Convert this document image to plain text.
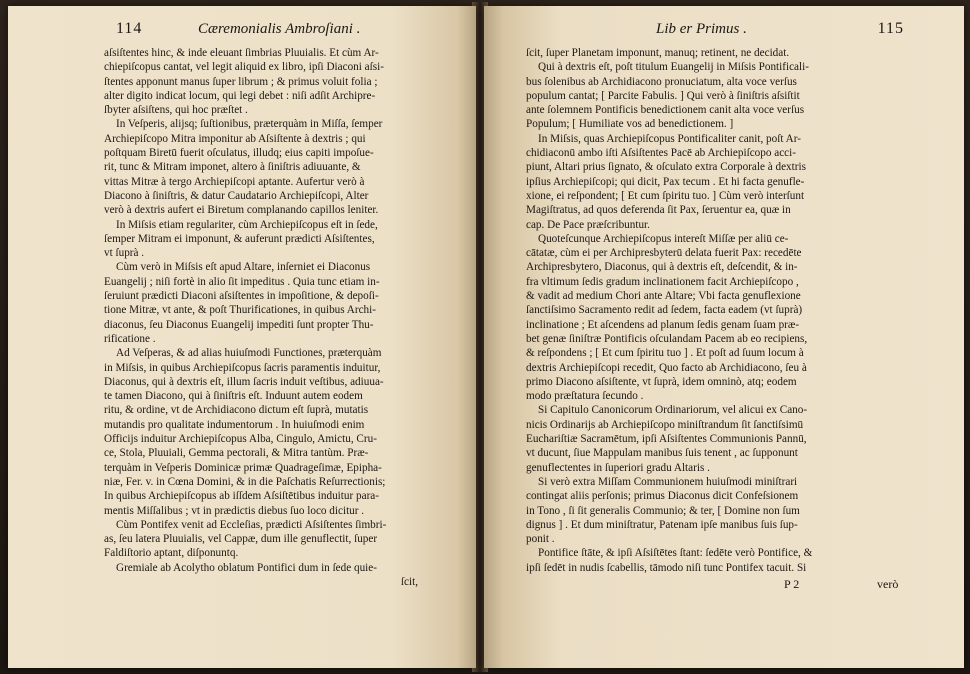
114	Cæremonialis Ambroſiani .
aſsiſtentes hinc, & inde eleuant ſimbrias Pluuialis. Et cùm Ar-
chiepiſcopus cantat, vel legit aliquid ex libro, ipſi Diaconi aſsi-
ſtentes apponunt manus ſuper librum ; & primus voluit folia ;
alter digito indicat locum, qui legi debet : niſi adſit Archipre-
ſbyter aſsiſtens, qui hoc præſtet .
In Veſperis, alijsq; ſuſtionibus, præterquàm in Miſſa, ſemper
Archiepiſcopo Mitra imponitur ab Aſsiſtente à dextris ; qui
poſtquam Biretū fuerit oſculatus, illudq; eius capiti impoſue-
rit, tunc & Mitram imponet, altero à ſiniſtris adiuuante, &
vittas Mitræ à tergo Archiepiſcopi aptante. Aufertur verò à
Diacono à ſiniſtris, & datur Caudatario Archiepiſcopi, Alter
verò à dextris aufert ei Biretum complanando capillos leniter.
In Miſsis etiam regulariter, cùm Archiepiſcopus eſt in ſede,
ſemper Mitram ei imponunt, & auferunt prædicti Aſsiſtentes,
vt ſuprà .
Cùm verò in Miſsis eſt apud Altare, inſerniet ei Diaconus
Euangelij ; niſi fortè in alio ſit impeditus . Quia tunc etiam in-
ſeruiunt prædicti Diaconi aſsiſtentes in impoſitione, & depoſi-
tione Mitræ, vt ante, & poſt Thurificationes, in quibus Archi-
diaconus, ſeu Diaconus Euangelij impediti ſunt propter Thu-
rificatione .
Ad Veſperas, & ad alias huiuſmodi Functiones, præterquàm
in Miſsis, in quibus Archiepiſcopus ſacris paramentis induitur,
Diaconus, qui à dextris eſt, illum ſacris induit veſtibus, adiuua-
te tamen Diacono, qui à ſiniſtris eſt. Induunt autem eodem
ritu, & ordine, vt de Archidiacono dictum eſt ſuprà, mutatis
mutandis pro qualitate indumentorum . In huiuſmodi enim
Officijs induitur Archiepiſcopus Alba, Cingulo, Amictu, Cru-
ce, Stola, Pluuiali, Gemma pectorali, & Mitra tantùm. Præ-
terquàm in Veſperis Dominicæ primæ Quadrageſimæ, Epipha-
niæ, Fer. v. in Cœna Domini, & in die Paſchatis Reſurrectionis;
In quibus Archiepiſcopus ab iſſdem Aſsiſtētibus induitur para-
mentis Miſſalibus ; vt in prædictis diebus ſuo loco dicitur .
Cùm Pontifex venit ad Eccleſias, prædicti Aſsiſtentes ſimbri-
as, ſeu latera Pluuialis, vel Cappæ, dum ille genuflectit, ſuper
Faldiſtorio aptant, diſponuntq.
Gremiale ab Acolytho oblatum Pontifici dum in ſede quie-
ſcit,
Lib er Primus .	115
ſcit, ſuper Planetam imponunt, manuq; retinent, ne decidat.
Qui à dextris eſt, poſt titulum Euangelij in Miſsis Pontificali-
bus ſolenibus ab Archidiacono pronuciatum, alta voce verſus
populum cantat; [ Parcite Fabulis. ] Qui verò à ſiniſtris aſsiſtit
ante ſolemnem Pontificis benedictionem canit alta voce verſus
Populum; [ Humiliate vos ad benedictionem. ]
In Miſsis, quas Archiepiſcopus Pontificaliter canit, poſt Ar-
chidiaconū ambo iſti Aſsiſtentes Pacē ab Archiepiſcopo acci-
piunt, Altari prius ſignato, & oſculato extra Corporale à dextris
ipſius Archiepiſcopi; qui dicit, Pax tecum . Et hi facta genufle-
xione, ei reſpondent; [ Et cum ſpiritu tuo. ] Cùm verò interſunt
Magiſtratus, ad quos deferenda ſit Pax, ſeruentur ea, quæ in
cap. De Pace præſcribuntur.
Quoteſcunque Archiepiſcopus intereſt Miſſæ per aliū ce-
cātatæ, cùm ei per Archipresbyterū delata fuerit Pax: recedēte
Archipresbytero, Diaconus, qui à dextris eſt, deſcendit, & in-
fra vltimum ſedis gradum inclinationem facit Archiepiſcopo ,
& vadit ad medium Chori ante Altare; Vbi facta genuflexione
ſanctiſsimo Sacramento redit ad ſedem, facta eadem (vt ſuprà)
inclinatione ; Et aſcendens ad planum ſedis genam ſuam præ-
bet genæ ſiniſtræ Pontificis oſculandam Pacem ab eo recipiens,
& reſpondens ; [ Et cum ſpiritu tuo ] . Et poſt ad ſuum locum à
dextris Archiepiſcopi recedit, Quo facto ab Archidiacono, ſeu à
primo Diacono aſsiſtente, vt ſuprà, idem omninò, atq; eodem
modo præſtatura ſecundo .
Si Capitulo Canonicorum Ordinariorum, vel alicui ex Cano-
nicis Ordinarijs ab Archiepiſcopo miniſtrandum ſit ſanctiſsimū
Euchariſtiæ Sacramētum, ipſi Aſsiſtentes Communionis Pannū,
vt ducunt, ſiue Mappulam manibus ſuis tenent , ac ſupponunt
genuflectentes in ſuperiori gradu Altaris .
Si verò extra Miſſam Communionem huiuſmodi miniſtrari
contingat aliis perſonis; primus Diaconus dicit Confeſsionem
in Tono , ſi ſit generalis Communio; & ter, [ Domine non ſum
dignus ] . Et dum miniſtratur, Patenam ipſe manibus ſuis ſup-
ponit .
Pontifice ſtāte, & ipſi Aſsiſtētes ſtant: ſedēte verò Pontifice, &
ipſi ſedēt in nudis ſcabellis, tāmodo niſi tunc Pontifex tacuit. Si
P 2	verò
